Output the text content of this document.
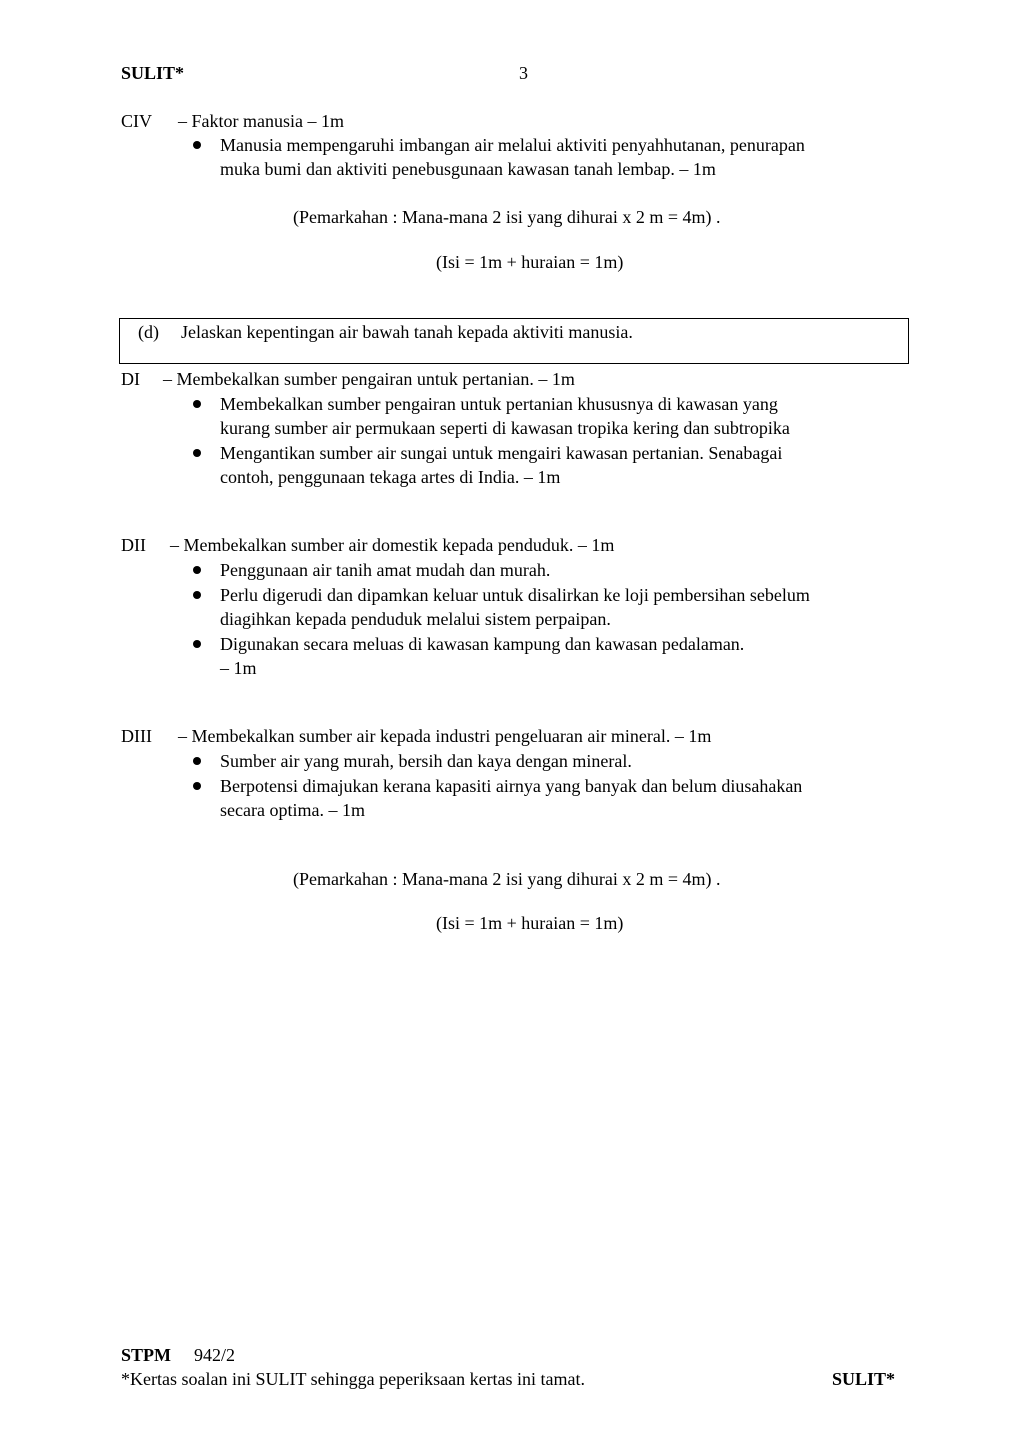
SULIT*	3
CIV – Faktor manusia – 1m
Manusia mempengaruhi imbangan air melalui aktiviti penyahhutanan, penurapan
muka bumi dan aktiviti penebusgunaan kawasan tanah lembap. – 1m
(Pemarkahan : Mana-mana 2 isi yang dihurai x 2 m = 4m) .
(Isi = 1m + huraian = 1m)
(d) Jelaskan kepentingan air bawah tanah kepada aktiviti manusia.
DI – Membekalkan sumber pengairan untuk pertanian. – 1m
Membekalkan sumber pengairan untuk pertanian khususnya di kawasan yang
kurang sumber air permukaan seperti di kawasan tropika kering dan subtropika
Mengantikan sumber air sungai untuk mengairi kawasan pertanian. Senabagai
contoh, penggunaan tekaga artes di India. – 1m
DII – Membekalkan sumber air domestik kepada penduduk. – 1m
Penggunaan air tanih amat mudah dan murah.
Perlu digerudi dan dipamkan keluar untuk disalirkan ke loji pembersihan sebelum
diagihkan kepada penduduk melalui sistem perpaipan.
Digunakan secara meluas di kawasan kampung dan kawasan pedalaman.
– 1m
DIII – Membekalkan sumber air kepada industri pengeluaran air mineral. – 1m
Sumber air yang murah, bersih dan kaya dengan mineral.
Berpotensi dimajukan kerana kapasiti airnya yang banyak dan belum diusahakan
secara optima. – 1m
(Pemarkahan : Mana-mana 2 isi yang dihurai x 2 m = 4m) .
(Isi = 1m + huraian = 1m)
STPM 942/2
*Kertas soalan ini SULIT sehingga peperiksaan kertas ini tamat.	SULIT*
